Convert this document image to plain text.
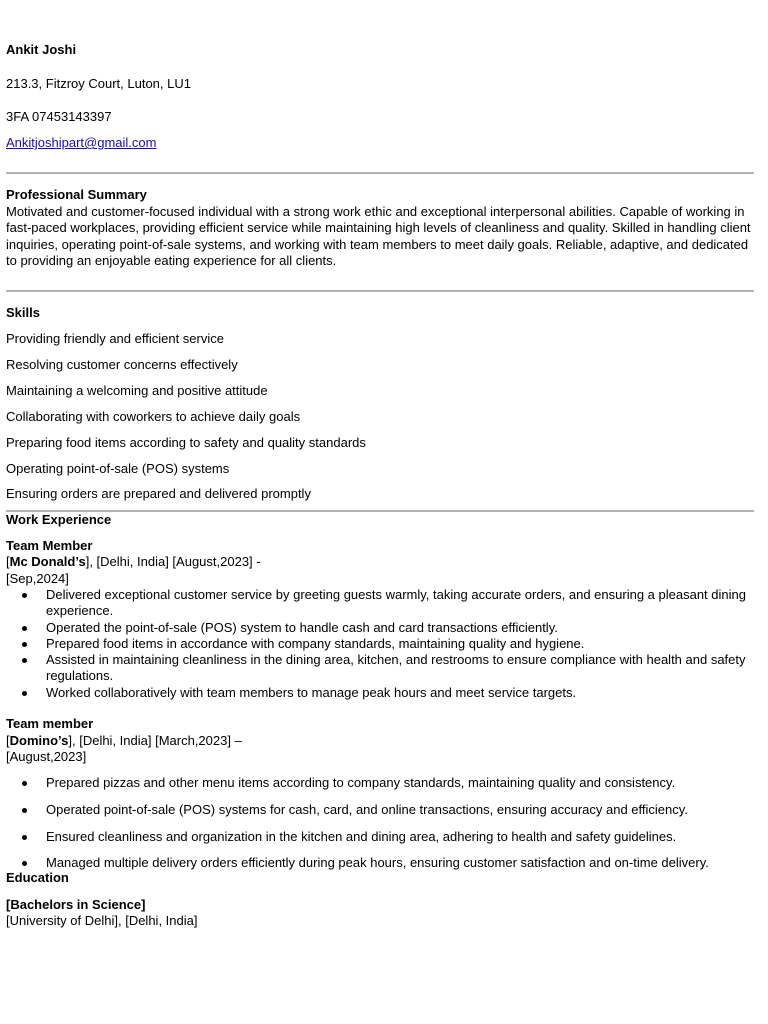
Ankit Joshi
213.3, Fitzroy Court, Luton, LU1
3FA 07453143397
Ankitjoshipart@gmail.com
Professional Summary
Motivated and customer-focused individual with a strong work ethic and exceptional interpersonal abilities. Capable of working in fast-paced workplaces, providing efficient service while maintaining high levels of cleanliness and quality. Skilled in handling client inquiries, operating point-of-sale systems, and working with team members to meet daily goals. Reliable, adaptive, and dedicated to providing an enjoyable eating experience for all clients.
Skills
Providing friendly and efficient service
Resolving customer concerns effectively
Maintaining a welcoming and positive attitude
Collaborating with coworkers to achieve daily goals
Preparing food items according to safety and quality standards
Operating point-of-sale (POS) systems
Ensuring orders are prepared and delivered promptly
Work Experience
Team Member
[Mc Donald’s], [Delhi, India] [August,2023] -
[Sep,2024]
Delivered exceptional customer service by greeting guests warmly, taking accurate orders, and ensuring a pleasant dining experience.
Operated the point-of-sale (POS) system to handle cash and card transactions efficiently.
Prepared food items in accordance with company standards, maintaining quality and hygiene.
Assisted in maintaining cleanliness in the dining area, kitchen, and restrooms to ensure compliance with health and safety regulations.
Worked collaboratively with team members to manage peak hours and meet service targets.
Team member
[Domino’s], [Delhi, India] [March,2023] –
[August,2023]
Prepared pizzas and other menu items according to company standards, maintaining quality and consistency.
Operated point-of-sale (POS) systems for cash, card, and online transactions, ensuring accuracy and efficiency.
Ensured cleanliness and organization in the kitchen and dining area, adhering to health and safety guidelines.
Managed multiple delivery orders efficiently during peak hours, ensuring customer satisfaction and on-time delivery.
Education
[Bachelors in Science]
[University of Delhi], [Delhi, India]
